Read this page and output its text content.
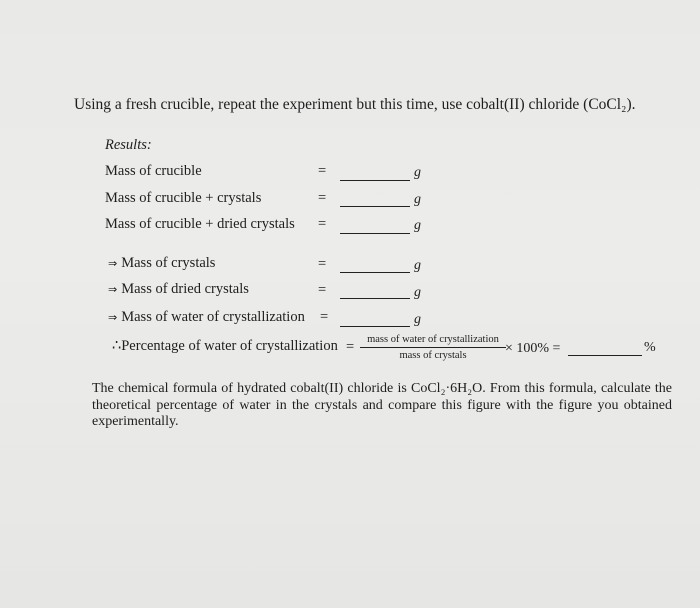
Using a fresh crucible, repeat the experiment but this time, use cobalt(II) chloride (CoCl₂).
Results:
Mass of crucible	=	g
Mass of crucible + crystals	=	g
Mass of crucible + dried crystals =	g
⇒ Mass of crystals	=	g
⇒ Mass of dried crystals	=	g
⇒ Mass of water of crystallization =	g
∴Percentage of water of crystallization =	mass of water of crystallization
mass of crystals	× 100% =	%
The chemical formula of hydrated cobalt(II) chloride is CoCl₂·6H₂O. From this formula, calculate the theoretical percentage of water in the crystals and compare this figure with the figure you obtained experimentally.
